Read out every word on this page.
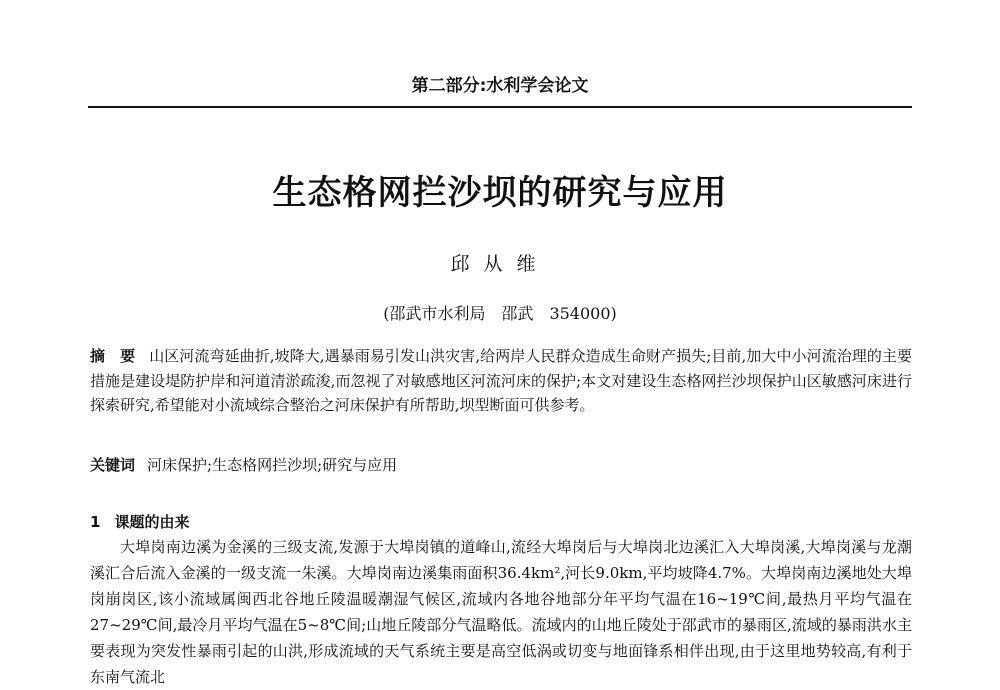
第二部分:水利学会论文
生态格网拦沙坝的研究与应用
邱从维
(邵武市水利局　邵武　354000)

摘　要 山区河流弯延曲折,坡降大,遇暴雨易引发山洪灾害,给两岸人民群众造成生命财产损失;目前,加大中小河流治理的主要措施是建设堤防护岸和河道清淤疏浚,而忽视了对敏感地区河流河床的保护;本文对建设生态格网拦沙坝保护山区敏感河床进行探索研究,希望能对小流域综合整治之河床保护有所帮助,坝型断面可供参考。

关键词 河床保护;生态格网拦沙坝;研究与应用

1 课题的由来

大埠岗南边溪为金溪的三级支流,发源于大埠岗镇的道峰山,流经大埠岗后与大埠岗北边溪汇入大埠岗溪,大埠岗溪与龙潮溪汇合后流入金溪的一级支流一朱溪。大埠岗南边溪集雨面积36.4km²,河长9.0km,平均坡降4.7%。大埠岗南边溪地处大埠岗崩岗区,该小流域属闽西北谷地丘陵温暖潮湿气候区,流域内各地谷地部分年平均气温在16~19℃间,最热月平均气温在27~29℃间,最冷月平均气温在5~8℃间;山地丘陵部分气温略低。流域内的山地丘陵处于邵武市的暴雨区,流域的暴雨洪水主要表现为突发性暴雨引起的山洪,形成流域的天气系统主要是高空低涡或切变与地面锋系相伴出现,由于这里地势较高,有利于东南气流北
